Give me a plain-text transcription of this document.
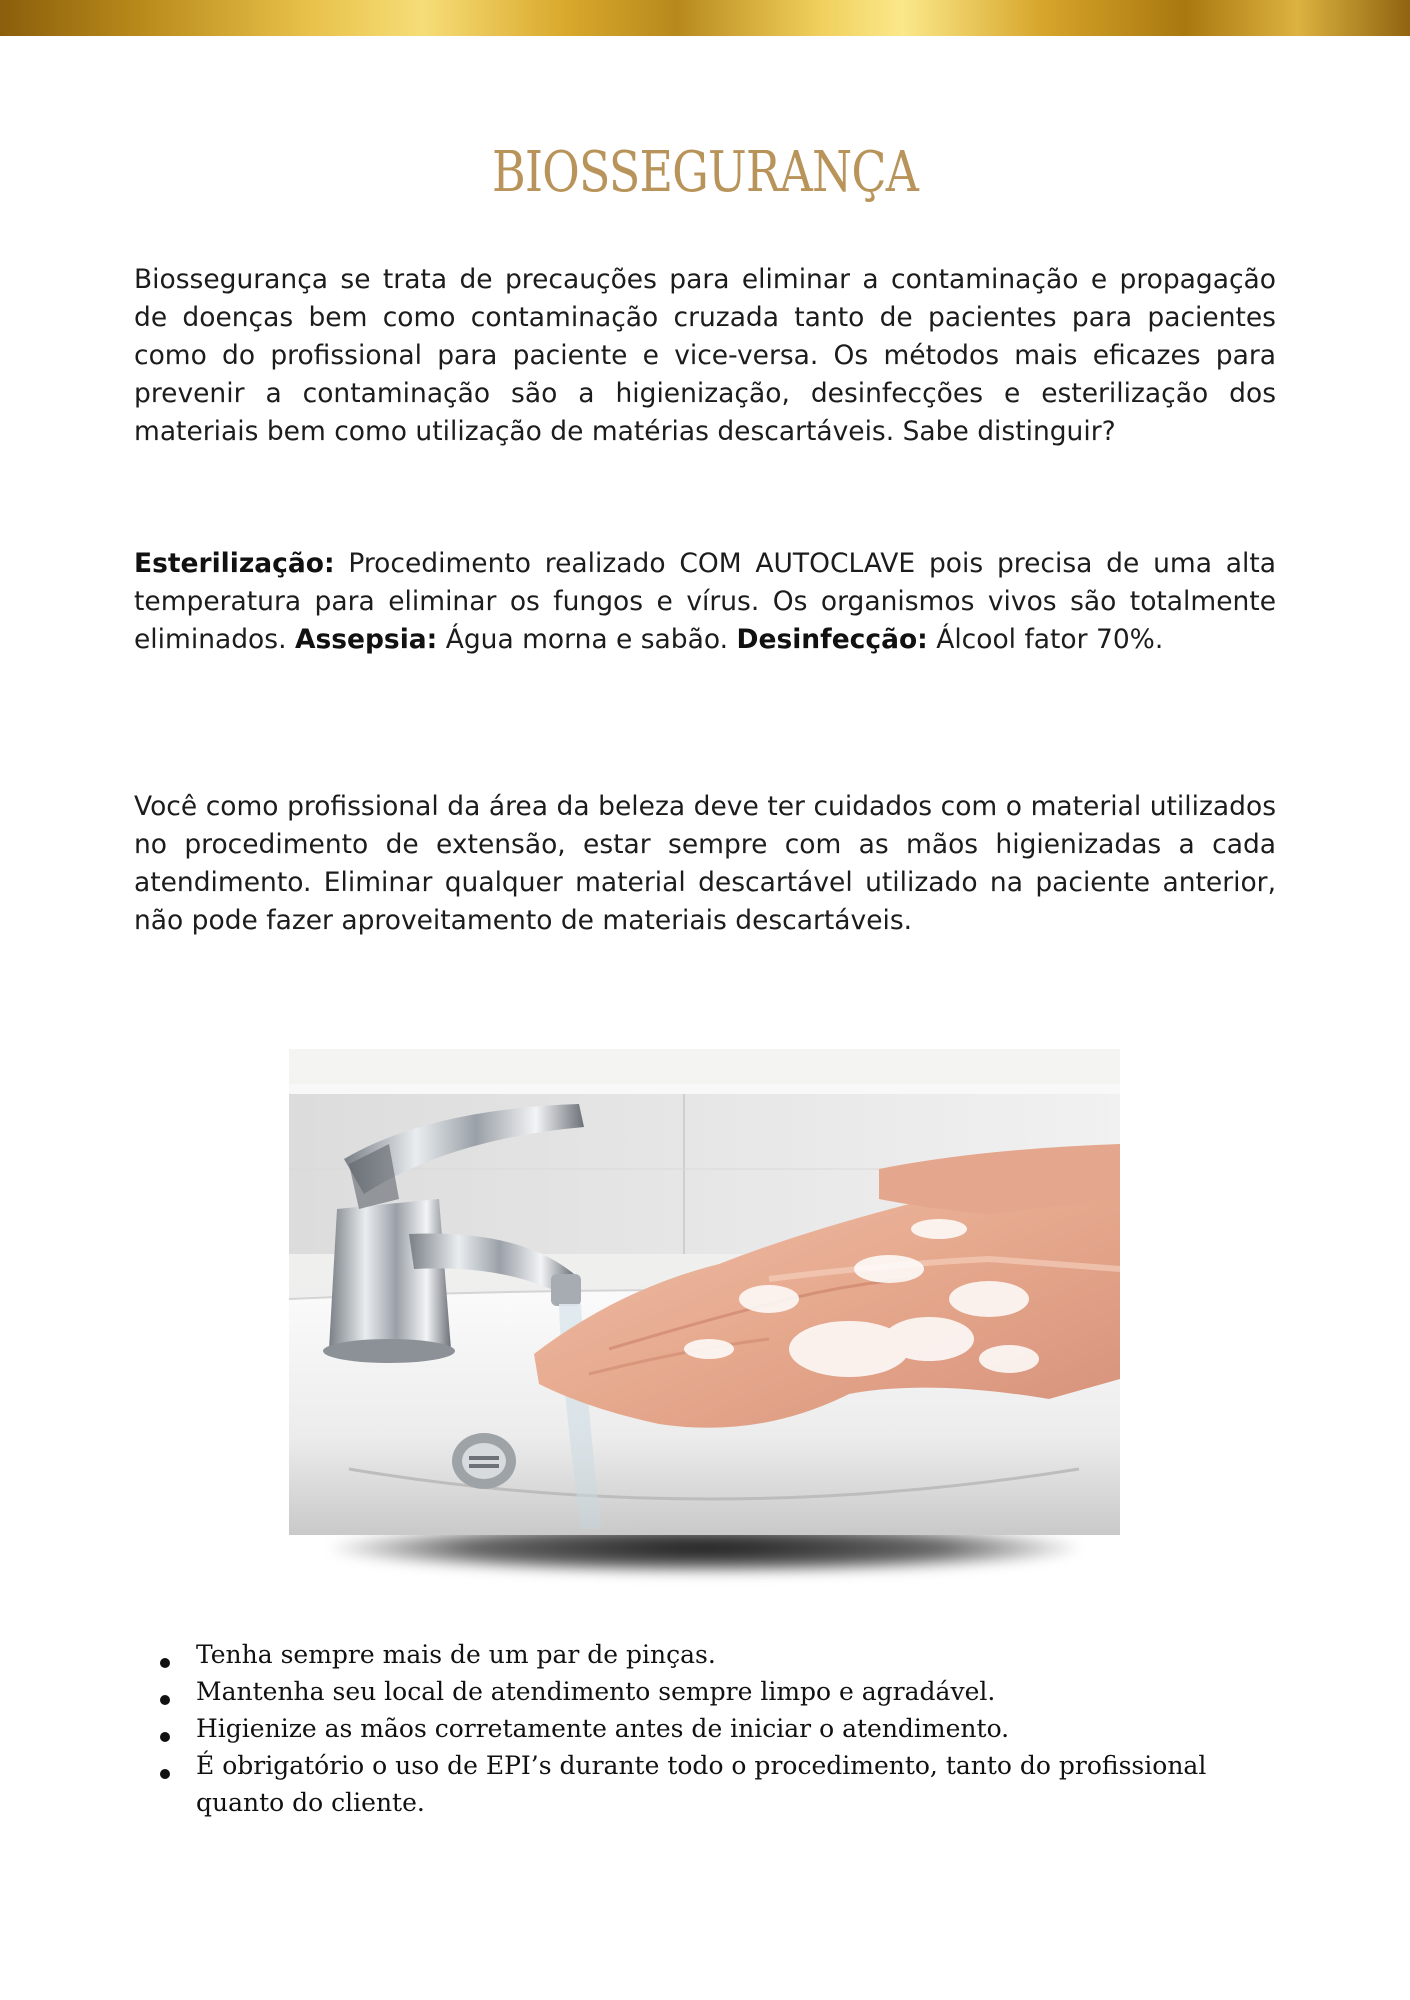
BIOSSEGURANÇA

Biossegurança se trata de precauções para eliminar a contaminação e propagação de doenças bem como contaminação cruzada tanto de pacientes para pacientes como do profissional para paciente e vice-versa. Os métodos mais eficazes para prevenir a contaminação são a higienização, desinfecções e esterilização dos materiais bem como utilização de matérias descartáveis. Sabe distinguir?

Esterilização: Procedimento realizado COM AUTOCLAVE pois precisa de uma alta temperatura para eliminar os fungos e vírus. Os organismos vivos são totalmente eliminados. Assepsia: Água morna e sabão. Desinfecção: Álcool fator 70%.

Você como profissional da área da beleza deve ter cuidados com o material utilizados no procedimento de extensão, estar sempre com as mãos higienizadas a cada atendimento. Eliminar qualquer material descartável utilizado na paciente anterior, não pode fazer aproveitamento de materiais descartáveis.

Tenha sempre mais de um par de pinças.
Mantenha seu local de atendimento sempre limpo e agradável.
Higienize as mãos corretamente antes de iniciar o atendimento.
É obrigatório o uso de EPI’s durante todo o procedimento, tanto do profissional quanto do cliente.
